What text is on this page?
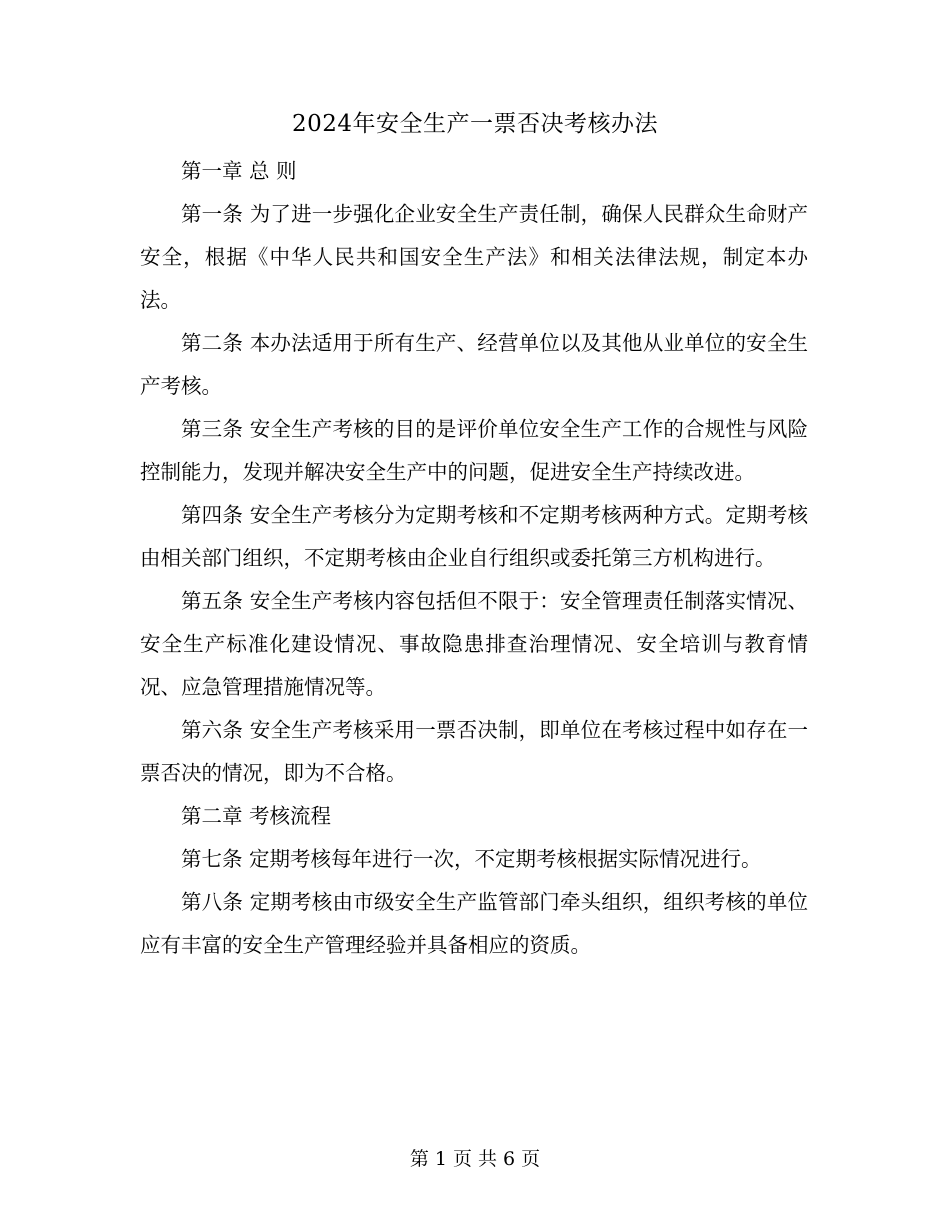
2024年安全生产一票否决考核办法

第一章 总 则

第一条 为了进一步强化企业安全生产责任制，确保人民群众生命财产安全，根据《中华人民共和国安全生产法》和相关法律法规，制定本办法。

第二条 本办法适用于所有生产、经营单位以及其他从业单位的安全生产考核。

第三条 安全生产考核的目的是评价单位安全生产工作的合规性与风险控制能力，发现并解决安全生产中的问题，促进安全生产持续改进。

第四条 安全生产考核分为定期考核和不定期考核两种方式。定期考核由相关部门组织，不定期考核由企业自行组织或委托第三方机构进行。

第五条 安全生产考核内容包括但不限于：安全管理责任制落实情况、安全生产标准化建设情况、事故隐患排查治理情况、安全培训与教育情况、应急管理措施情况等。

第六条 安全生产考核采用一票否决制，即单位在考核过程中如存在一票否决的情况，即为不合格。

第二章 考核流程

第七条 定期考核每年进行一次，不定期考核根据实际情况进行。

第八条 定期考核由市级安全生产监管部门牵头组织，组织考核的单位应有丰富的安全生产管理经验并具备相应的资质。

第 1 页 共 6 页
